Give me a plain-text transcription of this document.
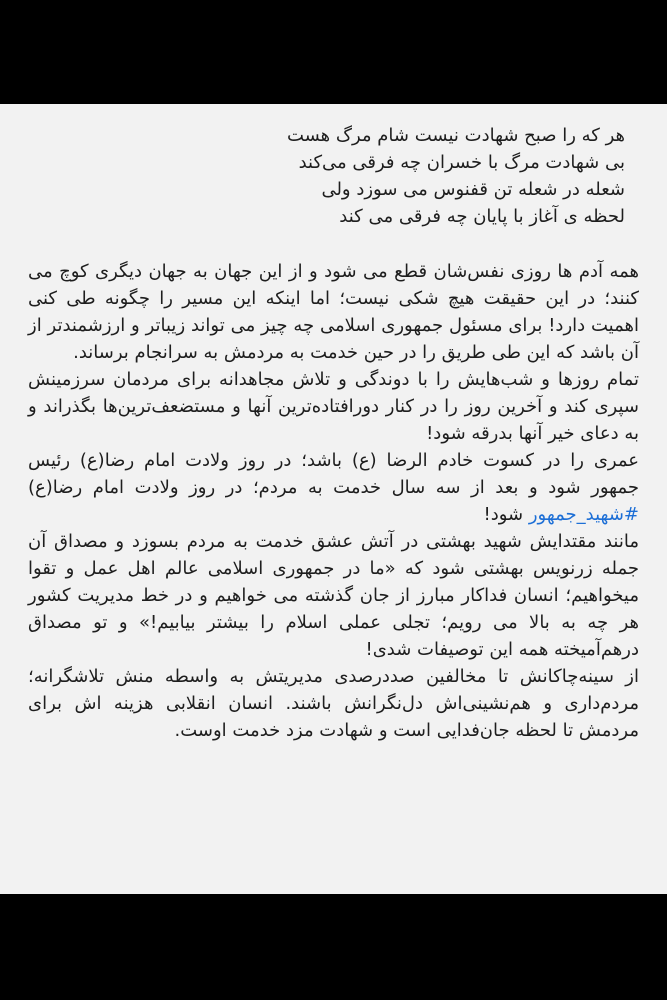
هر که را صبح شهادت نیست شام مرگ هست
بی شهادت مرگ با خسران چه فرقی می‌کند
شعله در شعله تن قفنوس می سوزد ولی
لحظه ی آغاز با پایان چه فرقی می کند

همه آدم ها روزی نفس‌شان قطع می شود و از این جهان به جهان دیگری کوچ می کنند؛ در این حقیقت هیچ شکی نیست؛ اما اینکه این مسیر را چگونه طی کنی اهمیت دارد! برای مسئول جمهوری اسلامی چه چیز می تواند زیباتر و ارزشمندتر از آن باشد که این طی طریق را در حین خدمت به مردمش به سرانجام برساند.

تمام روزها و شب‌هایش را با دوندگی و تلاش مجاهدانه برای مردمان سرزمینش سپری کند و آخرین روز را در کنار دورافتاده‌ترین آنها و مستضعف‌ترین‌ها بگذراند و به دعای خیر آنها بدرقه شود!

عمری را در کسوت خادم الرضا (ع) باشد؛ در روز ولادت امام رضا(ع) رئیس جمهور شود و بعد از سه سال خدمت به مردم؛ در روز ولادت امام رضا(ع) #شهید_جمهور شود!

مانند مقتدایش شهید بهشتی در آتش عشق خدمت به مردم بسوزد و مصداق آن جمله زرنویس بهشتی شود که «ما در جمهوری اسلامی عالم اهل عمل و تقوا میخواهیم؛ انسان فداکار مبارز از جان گذشته می خواهیم و در خط مدیریت کشور هر چه به بالا می رویم؛ تجلی عملی اسلام را بیشتر بیابیم!» و تو مصداق درهم‌آمیخته همه این توصیفات شدی!

از سینه‌چاکانش تا مخالفین صددرصدی مدیریتش به واسطه منش تلاشگرانه؛ مردم‌داری و هم‌نشینی‌اش دل‌نگرانش باشند. انسان انقلابی هزینه اش برای مردمش تا لحظه جان‌فدایی است و شهادت مزد خدمت اوست.
